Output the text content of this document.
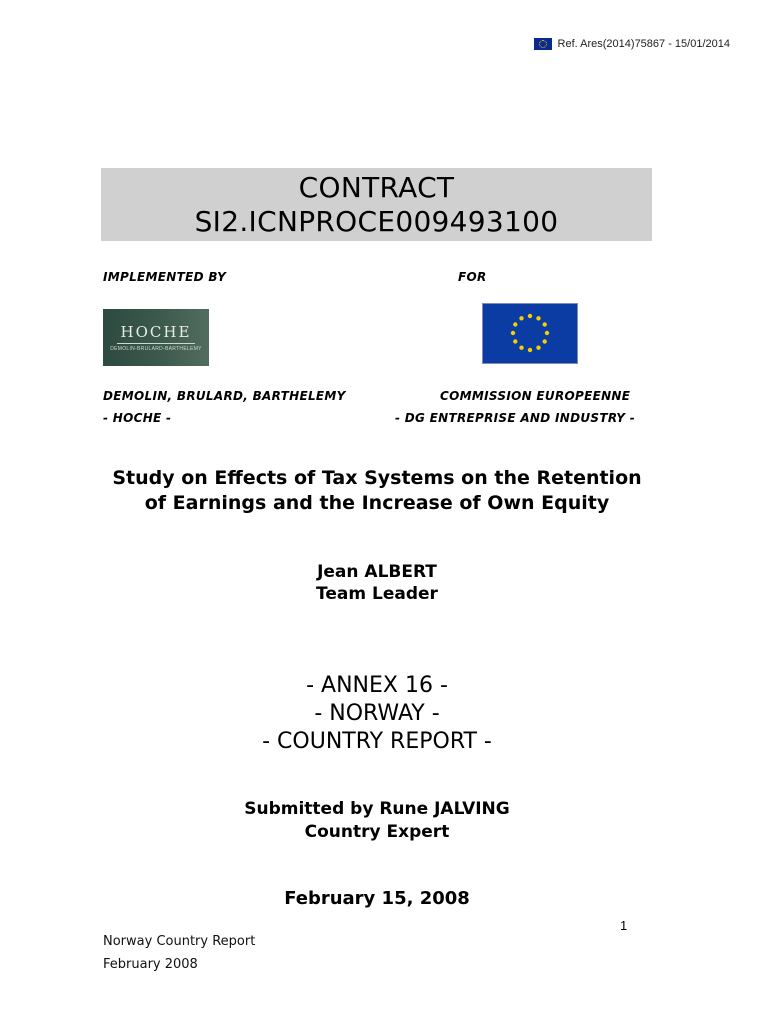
Ref. Ares(2014)75867 - 15/01/2014
CONTRACT
SI2.ICNPROCE009493100
IMPLEMENTED BY	FOR
HOCHE
DEMOLIN-BRULARD-BARTHELEMY
DEMOLIN, BRULARD, BARTHELEMY	COMMISSION EUROPEENNE
- HOCHE -	- DG ENTREPRISE AND INDUSTRY -
Study on Effects of Tax Systems on the Retention
of Earnings and the Increase of Own Equity
Jean ALBERT
Team Leader
- ANNEX 16 -
- NORWAY -
- COUNTRY REPORT -
Submitted by Rune JALVING
Country Expert
February 15, 2008
1
Norway Country Report
February 2008
